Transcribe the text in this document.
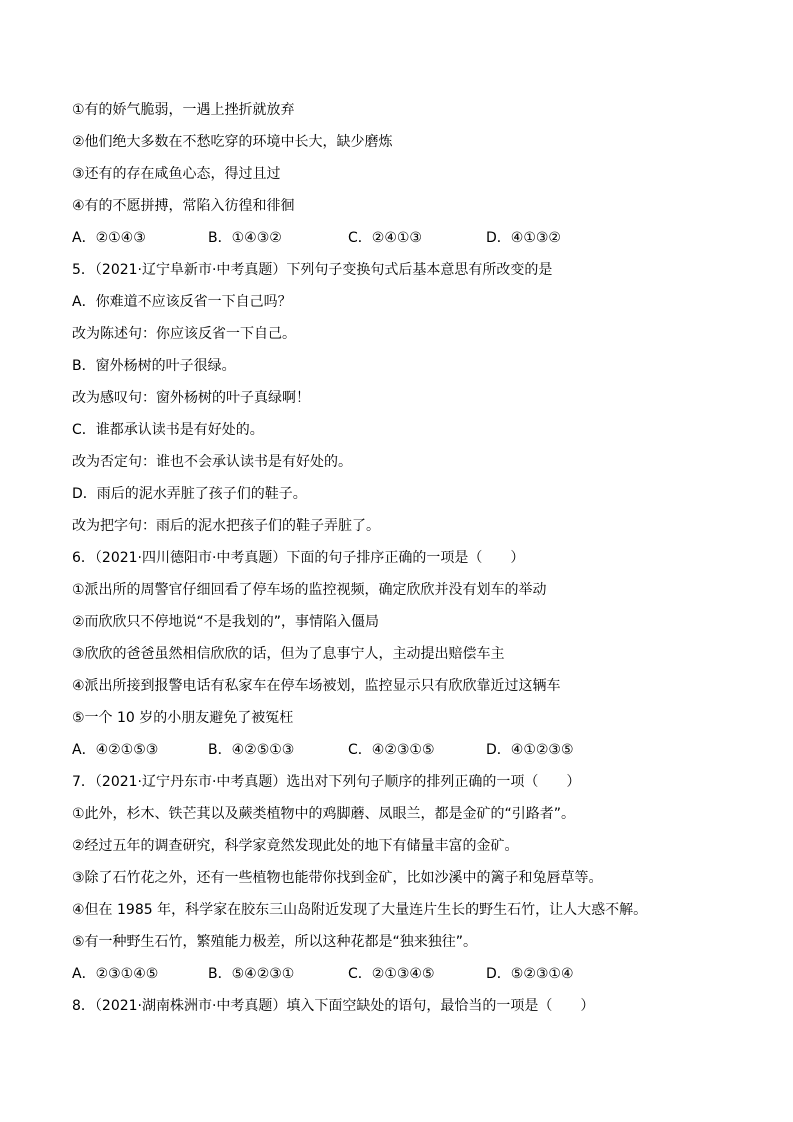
①有的娇气脆弱，一遇上挫折就放弃
②他们绝大多数在不愁吃穿的环境中长大，缺少磨炼
③还有的存在咸鱼心态，得过且过
④有的不愿拼搏，常陷入彷徨和徘徊
A．②①④③	B．①④③②	C．②④①③	D．④①③②
5．（2021·辽宁阜新市·中考真题）下列句子变换句式后基本意思有所改变的是
A．你难道不应该反省一下自己吗？
改为陈述句：你应该反省一下自己。
B．窗外杨树的叶子很绿。
改为感叹句：窗外杨树的叶子真绿啊！
C．谁都承认读书是有好处的。
改为否定句：谁也不会承认读书是有好处的。
D．雨后的泥水弄脏了孩子们的鞋子。
改为把字句：雨后的泥水把孩子们的鞋子弄脏了。
6．（2021·四川德阳市·中考真题）下面的句子排序正确的一项是（　　）
①派出所的周警官仔细回看了停车场的监控视频，确定欣欣并没有划车的举动
②而欣欣只不停地说“不是我划的”，事情陷入僵局
③欣欣的爸爸虽然相信欣欣的话，但为了息事宁人，主动提出赔偿车主
④派出所接到报警电话有私家车在停车场被划，监控显示只有欣欣靠近过这辆车
⑤一个 10 岁的小朋友避免了被冤枉
A．④②①⑤③	B．④②⑤①③	C．④②③①⑤	D．④①②③⑤
7．（2021·辽宁丹东市·中考真题）选出对下列句子顺序的排列正确的一项（　　）
①此外，杉木、铁芒萁以及蕨类植物中的鸡脚蘑、凤眼兰，都是金矿的“引路者”。
②经过五年的调查研究，科学家竟然发现此处的地下有储量丰富的金矿。
③除了石竹花之外，还有一些植物也能带你找到金矿，比如沙溪中的篱子和兔唇草等。
④但在 1985 年，科学家在胶东三山岛附近发现了大量连片生长的野生石竹，让人大惑不解。
⑤有一种野生石竹，繁殖能力极差，所以这种花都是“独来独往”。
A．②③①④⑤	B．⑤④②③①	C．②①③④⑤	D．⑤②③①④
8．（2021·湖南株洲市·中考真题）填入下面空缺处的语句，最恰当的一项是（　　）
